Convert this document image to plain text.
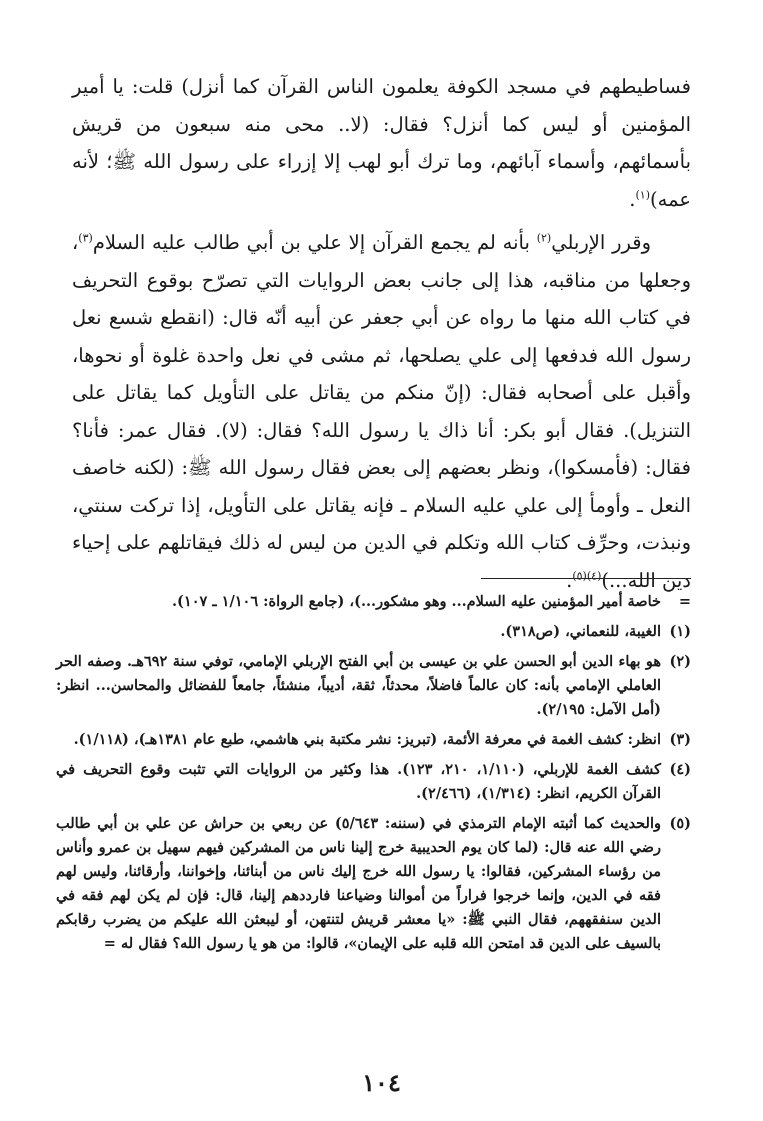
فساطيطهم في مسجد الكوفة يعلمون الناس القرآن كما أنزل) قلت: يا أمير المؤمنين أو ليس كما أنزل؟ فقال: (لا.. محى منه سبعون من قريش بأسمائهم، وأسماء آبائهم، وما ترك أبو لهب إلا إزراء على رسول الله ﷺ؛ لأنه عمه)$^{(١)}$.

وقرر الإربلي$^{(٢)}$ بأنه لم يجمع القرآن إلا علي بن أبي طالب عليه السلام$^{(٣)}$، وجعلها من مناقبه، هذا إلى جانب بعض الروايات التي تصرّح بوقوع التحريف في كتاب الله منها ما رواه عن أبي جعفر عن أبيه أنّه قال: (انقطع شسع نعل رسول الله فدفعها إلى علي يصلحها، ثم مشى في نعل واحدة غلوة أو نحوها، وأقبل على أصحابه فقال: (إنّ منكم من يقاتل على التأويل كما يقاتل على التنزيل). فقال أبو بكر: أنا ذاك يا رسول الله؟ فقال: (لا). فقال عمر: فأنا؟ فقال: (فأمسكوا)، ونظر بعضهم إلى بعض فقال رسول الله ﷺ: (لكنه خاصف النعل ـ وأومأ إلى علي عليه السلام ـ فإنه يقاتل على التأويل، إذا تركت سنتي، ونبذت، وحرِّف كتاب الله وتكلم في الدين من ليس له ذلك فيقاتلهم على إحياء دين الله...)$^{(٤)(٥)}$.

=
خاصة أمير المؤمنين عليه السلام... وهو مشكور...)، (جامع الرواة: ١/١٠٦ ـ ١٠٧).
(١)
الغيبة، للنعماني، (ص٣١٨).
(٢)
هو بهاء الدين أبو الحسن علي بن عيسى بن أبي الفتح الإربلي الإمامي، توفي سنة ٦٩٢هـ. وصفه الحر العاملي الإمامي بأنه: كان عالماً فاضلاً، محدثاً، ثقة، أديباً، منشئاً، جامعاً للفضائل والمحاسن... انظر: (أمل الآمل: ٢/١٩٥).
(٣)
انظر: كشف الغمة في معرفة الأئمة، (تبريز: نشر مكتبة بني هاشمي، طبع عام ١٣٨١هـ)، (١/١١٨).
(٤)
كشف الغمة للإربلي، (١/١١٠، ٢١٠، ١٢٣). هذا وكثير من الروايات التي تثبت وقوع التحريف في القرآن الكريم، انظر: (١/٣١٤)، (٢/٤٦٦).
(٥)
والحديث كما أثبته الإمام الترمذي في (سننه: ٥/٦٤٣) عن ربعي بن حراش عن علي بن أبي طالب رضي الله عنه قال: (لما كان يوم الحديبية خرج إلينا ناس من المشركين فيهم سهيل بن عمرو وأناس من رؤساء المشركين، فقالوا: يا رسول الله خرج إليك ناس من أبنائنا، وإخواننا، وأرقائنا، وليس لهم فقه في الدين، وإنما خرجوا فراراً من أموالنا وضياعنا فارددهم إلينا، قال: فإن لم يكن لهم فقه في الدين سنفقههم، فقال النبي ﷺ: «يا معشر قريش لتنتهن، أو ليبعثن الله عليكم من يضرب رقابكم بالسيف على الدين قد امتحن الله قلبه على الإيمان»، قالوا: من هو يا رسول الله؟ فقال له =
١٠٤
